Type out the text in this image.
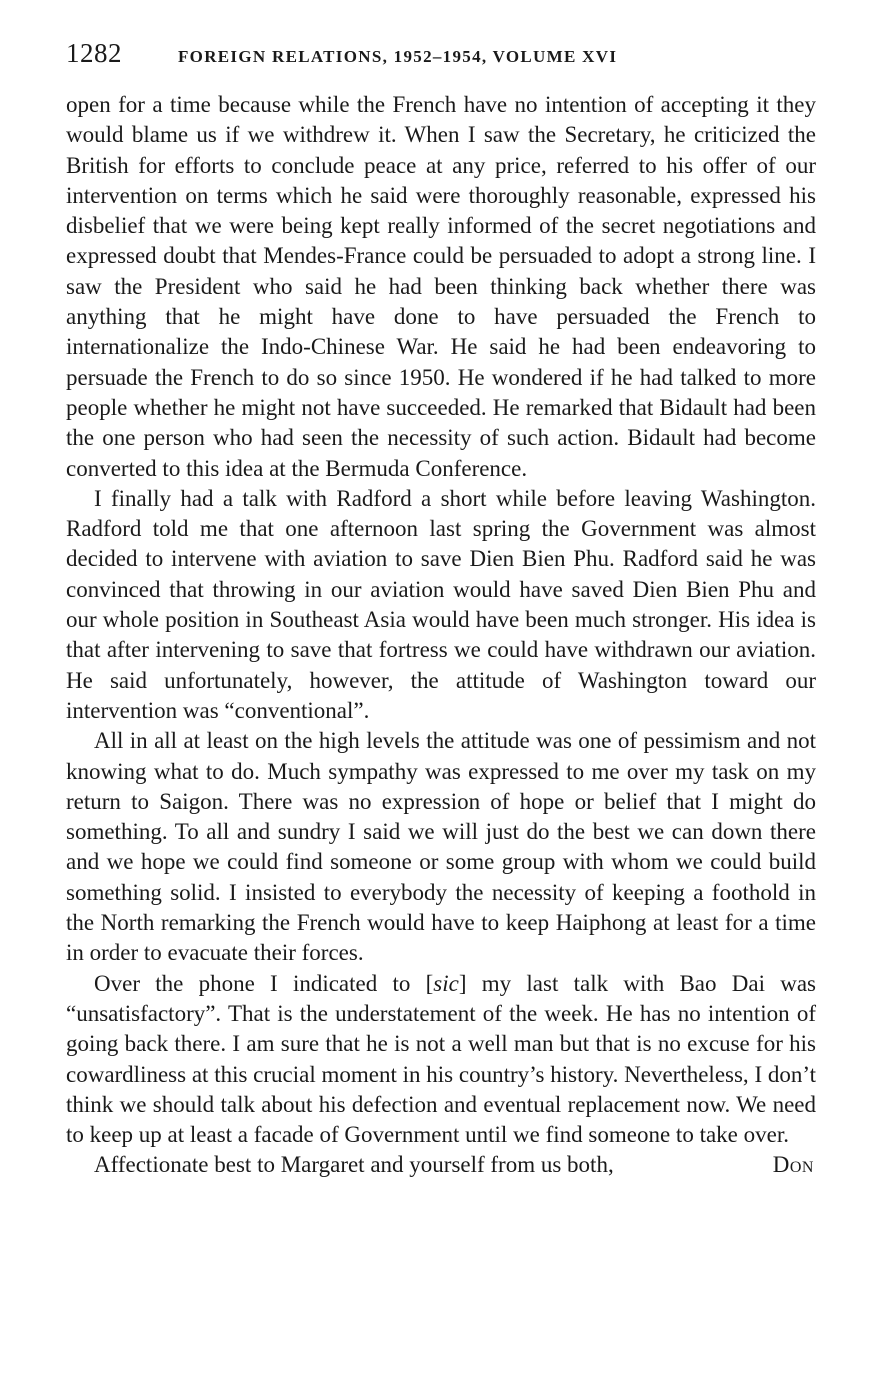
1282	FOREIGN RELATIONS, 1952–1954, VOLUME XVI

open for a time because while the French have no intention of accepting it they would blame us if we withdrew it. When I saw the Secretary, he criticized the British for efforts to conclude peace at any price, referred to his offer of our intervention on terms which he said were thoroughly reasonable, expressed his disbelief that we were being kept really informed of the secret negotiations and expressed doubt that Mendes-France could be persuaded to adopt a strong line. I saw the President who said he had been thinking back whether there was anything that he might have done to have persuaded the French to internationalize the Indo-Chinese War. He said he had been endeavoring to persuade the French to do so since 1950. He wondered if he had talked to more people whether he might not have succeeded. He remarked that Bidault had been the one person who had seen the necessity of such action. Bidault had become converted to this idea at the Bermuda Conference.

I finally had a talk with Radford a short while before leaving Washington. Radford told me that one afternoon last spring the Government was almost decided to intervene with aviation to save Dien Bien Phu. Radford said he was convinced that throwing in our aviation would have saved Dien Bien Phu and our whole position in Southeast Asia would have been much stronger. His idea is that after intervening to save that fortress we could have withdrawn our aviation. He said unfortunately, however, the attitude of Washington toward our intervention was “conventional”.

All in all at least on the high levels the attitude was one of pessimism and not knowing what to do. Much sympathy was expressed to me over my task on my return to Saigon. There was no expression of hope or belief that I might do something. To all and sundry I said we will just do the best we can down there and we hope we could find someone or some group with whom we could build something solid. I insisted to everybody the necessity of keeping a foothold in the North remarking the French would have to keep Haiphong at least for a time in order to evacuate their forces.

Over the phone I indicated to [sic] my last talk with Bao Dai was “unsatisfactory”. That is the understatement of the week. He has no intention of going back there. I am sure that he is not a well man but that is no excuse for his cowardliness at this crucial moment in his country’s history. Nevertheless, I don’t think we should talk about his defection and eventual replacement now. We need to keep up at least a facade of Government until we find someone to take over.

Affectionate best to Margaret and yourself from us both,	Don
